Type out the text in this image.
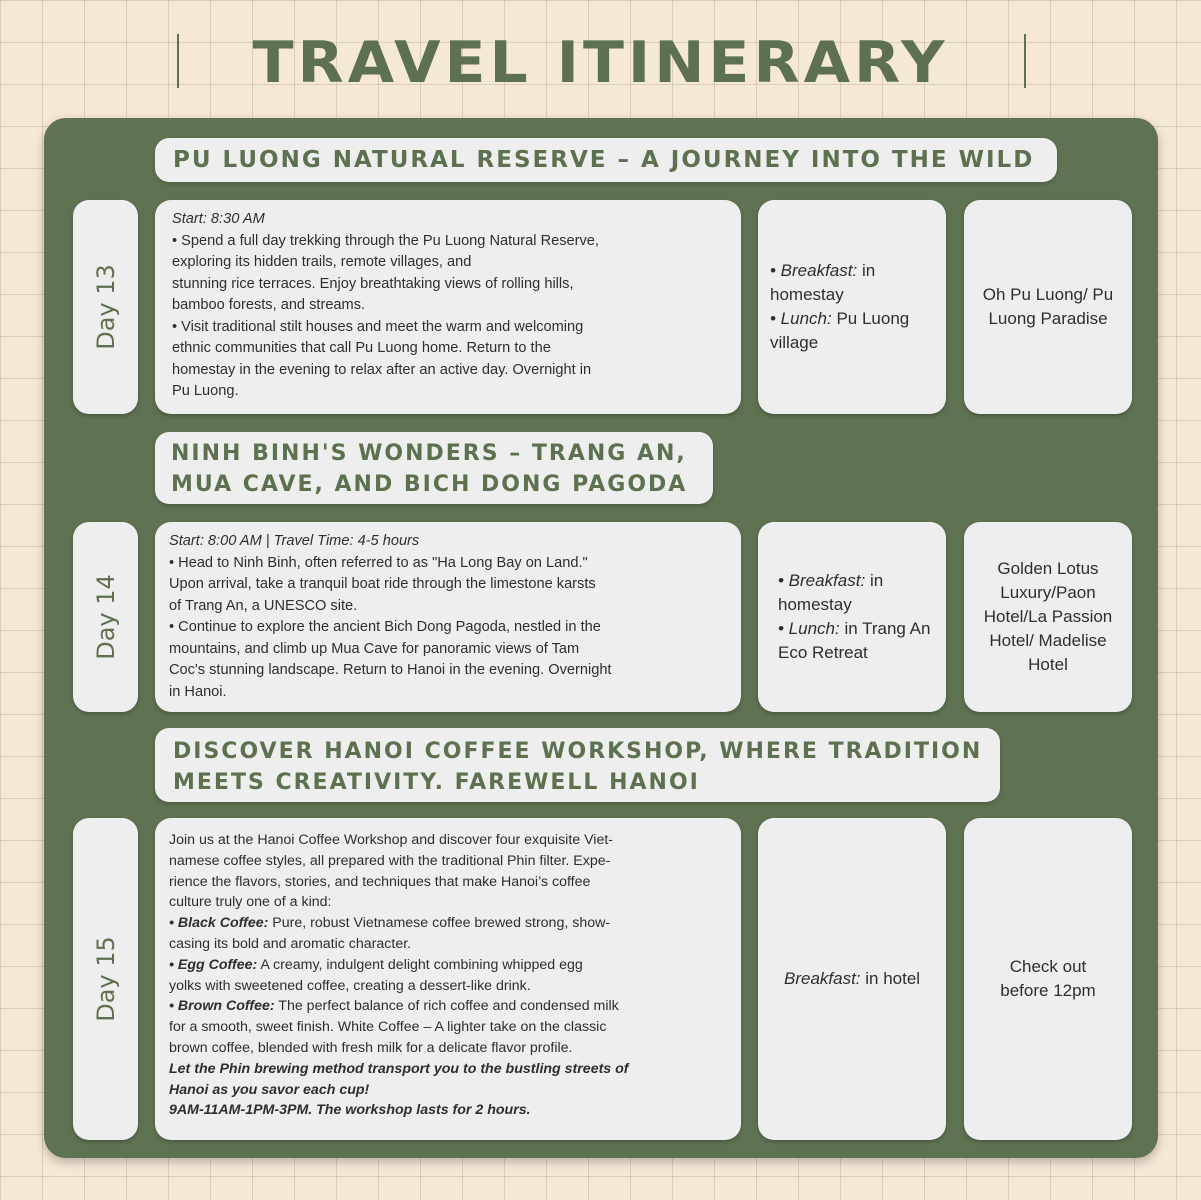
TRAVEL ITINERARY
PU LUONG NATURAL RESERVE – A JOURNEY INTO THE WILD
Day 13

Start: 8:30 AM

• Spend a full day trekking through the Pu Luong Natural Reserve,

exploring its hidden trails, remote villages, and

stunning rice terraces. Enjoy breathtaking views of rolling hills,

bamboo forests, and streams.

• Visit traditional stilt houses and meet the warm and welcoming

ethnic communities that call Pu Luong home. Return to the

homestay in the evening to relax after an active day. Overnight in

Pu Luong.

• Breakfast: in homestay

• Lunch: Pu Luong village

Oh Pu Luong/ Pu Luong Paradise
NINH BINH'S WONDERS – TRANG AN,
MUA CAVE, AND BICH DONG PAGODA
Day 14

Start: 8:00 AM | Travel Time: 4-5 hours

• Head to Ninh Binh, often referred to as "Ha Long Bay on Land."

Upon arrival, take a tranquil boat ride through the limestone karsts

of Trang An, a UNESCO site.

• Continue to explore the ancient Bich Dong Pagoda, nestled in the

mountains, and climb up Mua Cave for panoramic views of Tam

Coc's stunning landscape. Return to Hanoi in the evening. Overnight

in Hanoi.

• Breakfast: in homestay

• Lunch: in Trang An Eco Retreat

Golden Lotus Luxury/Paon Hotel/La Passion Hotel/ Madelise Hotel
DISCOVER HANOI COFFEE WORKSHOP, WHERE TRADITION
MEETS CREATIVITY. FAREWELL HANOI
Day 15

Join us at the Hanoi Coffee Workshop and discover four exquisite Viet-

namese coffee styles, all prepared with the traditional Phin filter. Expe-

rience the flavors, stories, and techniques that make Hanoi’s coffee

culture truly one of a kind:

• Black Coffee: Pure, robust Vietnamese coffee brewed strong, show-

casing its bold and aromatic character.

• Egg Coffee: A creamy, indulgent delight combining whipped egg

yolks with sweetened coffee, creating a dessert-like drink.

• Brown Coffee: The perfect balance of rich coffee and condensed milk

for a smooth, sweet finish. White Coffee – A lighter take on the classic

brown coffee, blended with fresh milk for a delicate flavor profile.

Let the Phin brewing method transport you to the bustling streets of

Hanoi as you savor each cup!

9AM-11AM-1PM-3PM. The workshop lasts for 2 hours.

Breakfast: in hotel

Check out before 12pm
